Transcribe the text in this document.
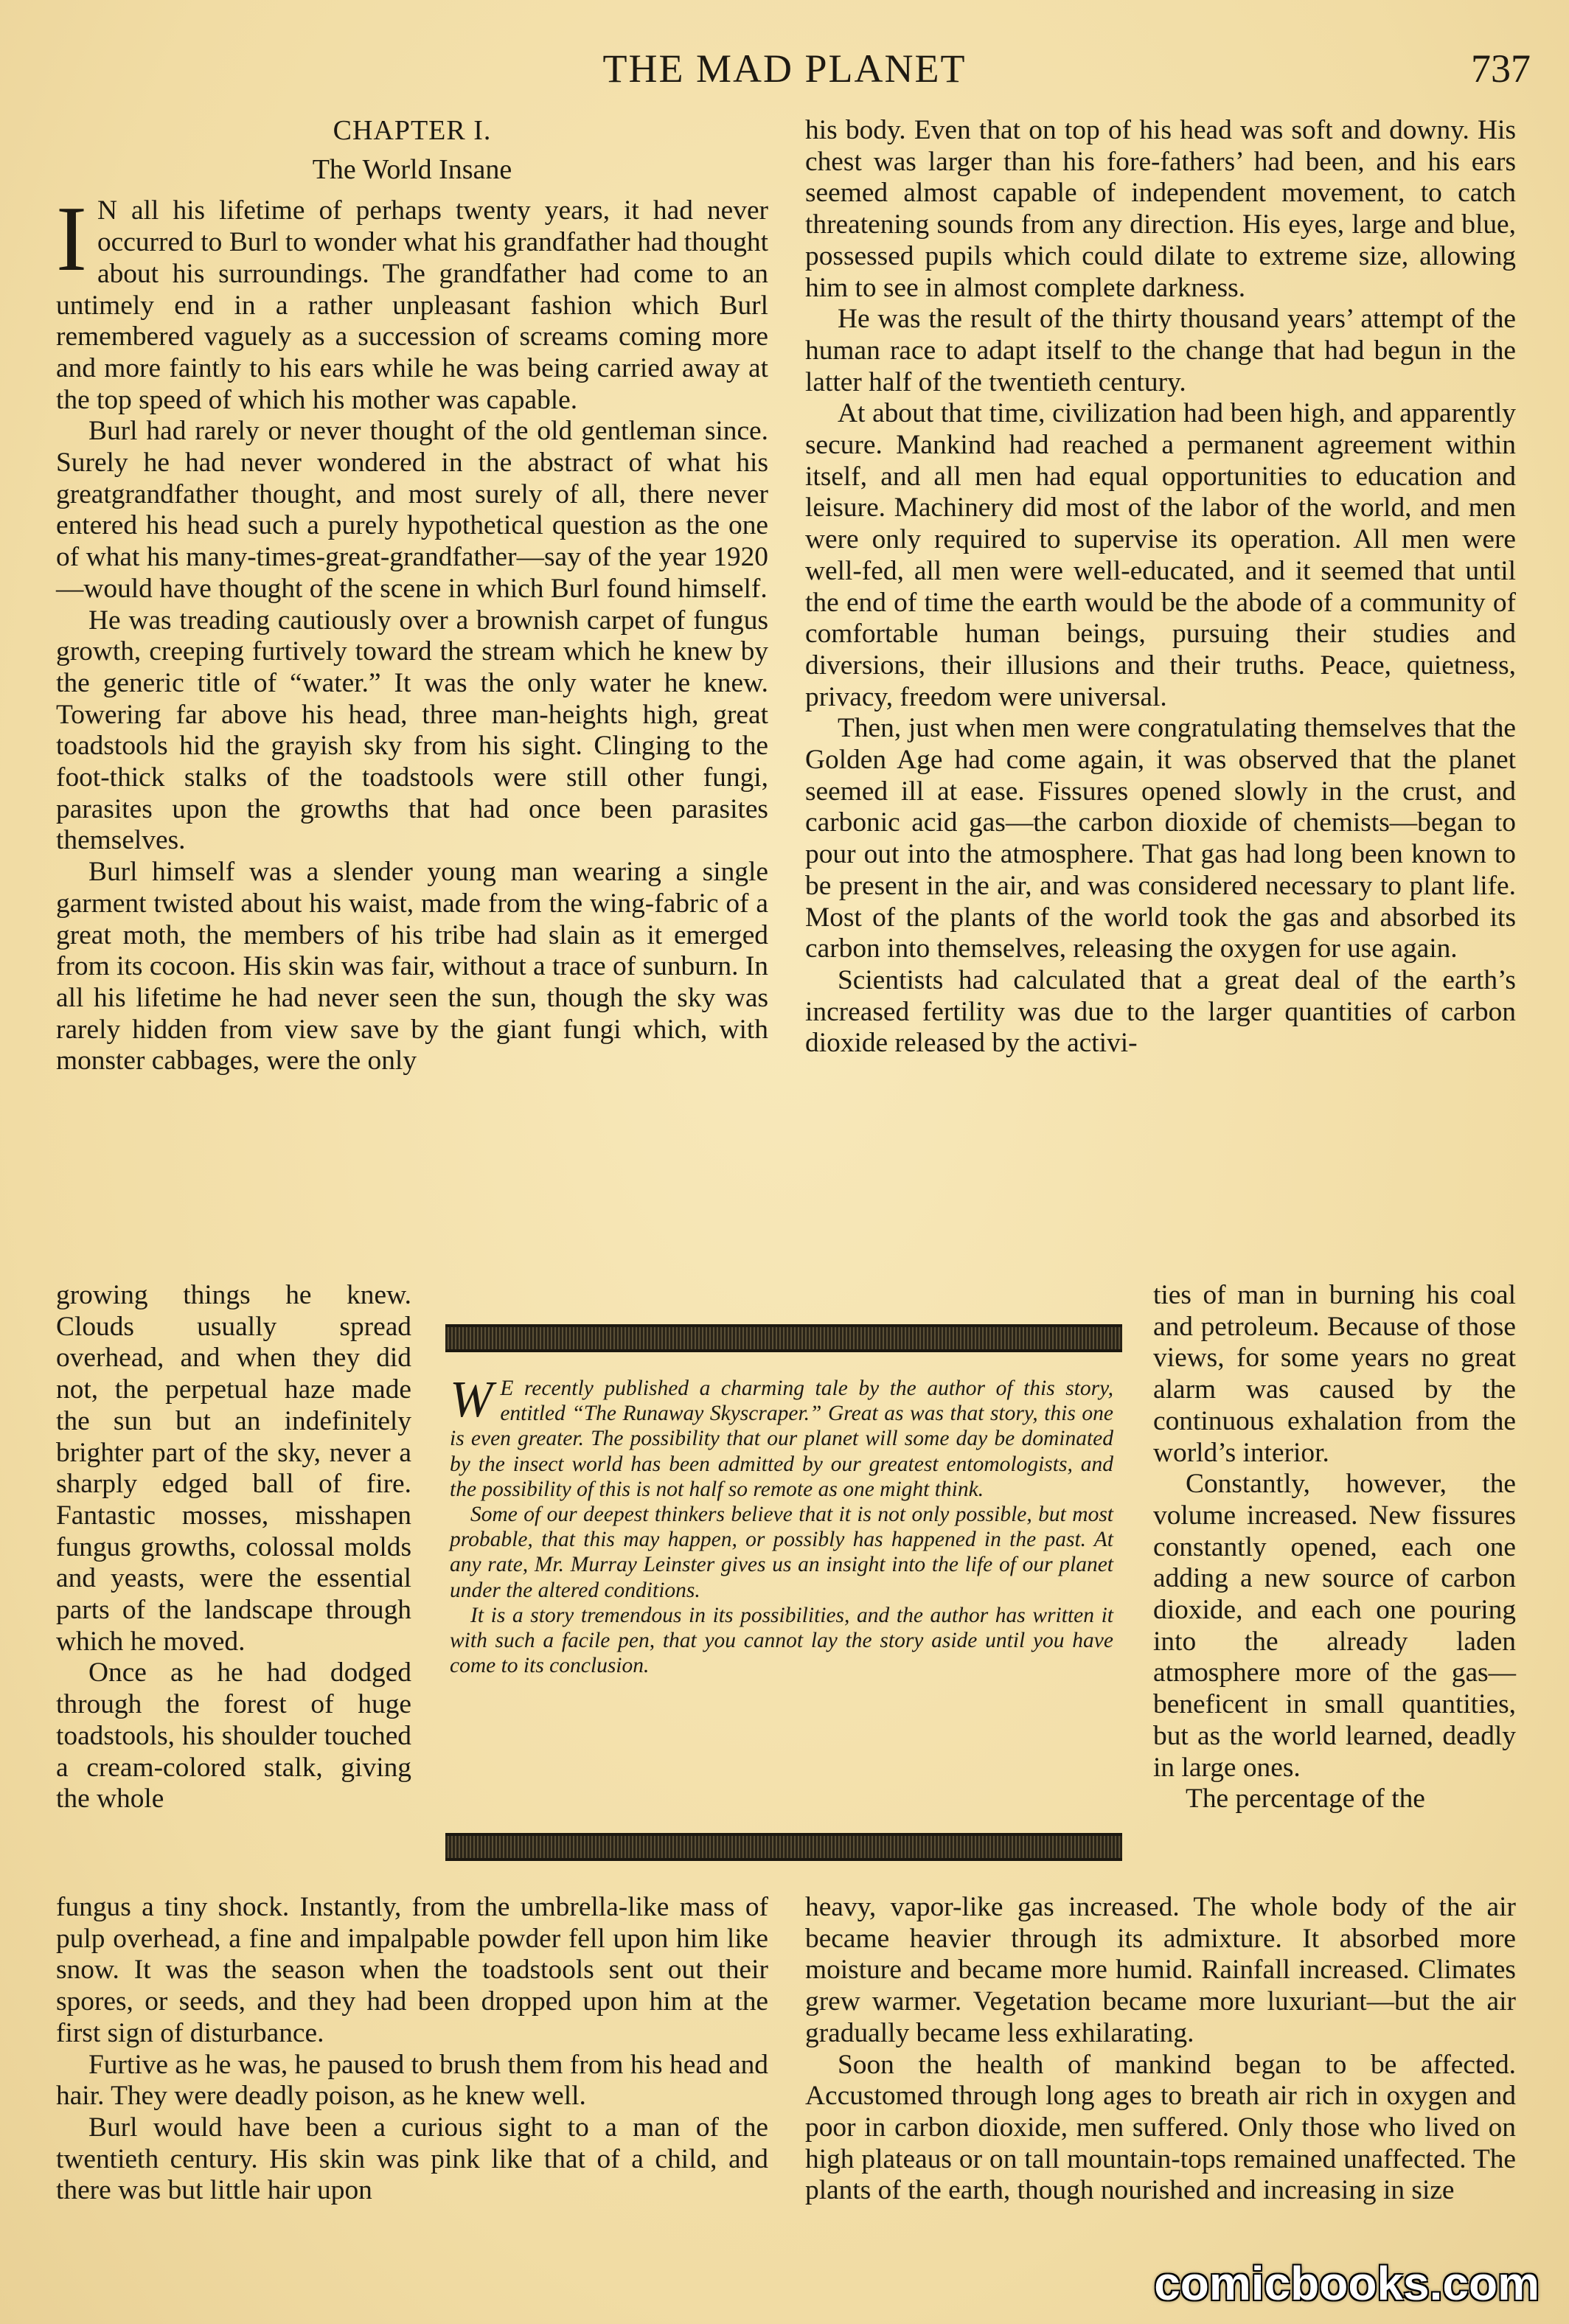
THE MAD PLANET	737
CHAPTER I.
The World Insane

I N all his lifetime of perhaps twenty years, it had never occurred to Burl to wonder what his grandfather had thought about his surroundings. The grandfather had come to an untimely end in a rather unpleasant fashion which Burl remembered vaguely as a succession of screams coming more and more faintly to his ears while he was being carried away at the top speed of which his mother was capable.

Burl had rarely or never thought of the old gentleman since. Surely he had never wondered in the abstract of what his greatgrandfather thought, and most surely of all, there never entered his head such a purely hypothetical question as the one of what his many-times-great-grandfather—say of the year 1920—would have thought of the scene in which Burl found himself.

He was treading cautiously over a brownish carpet of fungus growth, creeping furtively toward the stream which he knew by the generic title of “water.” It was the only water he knew. Towering far above his head, three man-heights high, great toadstools hid the grayish sky from his sight. Clinging to the foot-thick stalks of the toadstools were still other fungi, parasites upon the growths that had once been parasites themselves.

Burl himself was a slender young man wearing a single garment twisted about his waist, made from the wing-fabric of a great moth, the members of his tribe had slain as it emerged from its cocoon. His skin was fair, without a trace of sunburn. In all his lifetime he had never seen the sun, though the sky was rarely hidden from view save by the giant fungi which, with monster cabbages, were the only

his body. Even that on top of his head was soft and downy. His chest was larger than his fore-fathers’ had been, and his ears seemed almost capable of independent movement, to catch threatening sounds from any direction. His eyes, large and blue, possessed pupils which could dilate to extreme size, allowing him to see in almost complete darkness.

He was the result of the thirty thousand years’ attempt of the human race to adapt itself to the change that had begun in the latter half of the twentieth century.

At about that time, civilization had been high, and apparently secure. Mankind had reached a permanent agreement within itself, and all men had equal opportunities to education and leisure. Machinery did most of the labor of the world, and men were only required to supervise its operation. All men were well-fed, all men were well-educated, and it seemed that until the end of time the earth would be the abode of a community of comfortable human beings, pursuing their studies and diversions, their illusions and their truths. Peace, quietness, privacy, freedom were universal.

Then, just when men were congratulating themselves that the Golden Age had come again, it was observed that the planet seemed ill at ease. Fissures opened slowly in the crust, and carbonic acid gas—the carbon dioxide of chemists—began to pour out into the atmosphere. That gas had long been known to be present in the air, and was considered necessary to plant life. Most of the plants of the world took the gas and absorbed its carbon into themselves, releasing the oxygen for use again.

Scientists had calculated that a great deal of the earth’s increased fertility was due to the larger quantities of carbon dioxide released by the activi-

growing things he knew. Clouds usually spread overhead, and when they did not, the perpetual haze made the sun but an indefinitely brighter part of the sky, never a sharply edged ball of fire. Fantastic mosses, misshapen fungus growths, colossal molds and yeasts, were the essential parts of the landscape through which he moved.

Once as he had dodged through the forest of huge toadstools, his shoulder touched a cream-colored stalk, giving the whole

W E recently published a charming tale by the author of this story, entitled “The Runaway Skyscraper.” Great as was that story, this one is even greater. The possibility that our planet will some day be dominated by the insect world has been admitted by our greatest entomologists, and the possibility of this is not half so remote as one might think.

Some of our deepest thinkers believe that it is not only possible, but most probable, that this may happen, or possibly has happened in the past. At any rate, Mr. Murray Leinster gives us an insight into the life of our planet under the altered conditions.

It is a story tremendous in its possibilities, and the author has written it with such a facile pen, that you cannot lay the story aside until you have come to its conclusion.

ties of man in burning his coal and petroleum. Because of those views, for some years no great alarm was caused by the continuous exhalation from the world’s interior.

Constantly, however, the volume increased. New fissures constantly opened, each one adding a new source of carbon dioxide, and each one pouring into the already laden atmosphere more of the gas—beneficent in small quantities, but as the world learned, deadly in large ones.

The percentage of the

fungus a tiny shock. Instantly, from the umbrella-like mass of pulp overhead, a fine and impalpable powder fell upon him like snow. It was the season when the toadstools sent out their spores, or seeds, and they had been dropped upon him at the first sign of disturbance.

Furtive as he was, he paused to brush them from his head and hair. They were deadly poison, as he knew well.

Burl would have been a curious sight to a man of the twentieth century. His skin was pink like that of a child, and there was but little hair upon

heavy, vapor-like gas increased. The whole body of the air became heavier through its admixture. It absorbed more moisture and became more humid. Rainfall increased. Climates grew warmer. Vegetation became more luxuriant—but the air gradually became less exhilarating.

Soon the health of mankind began to be affected. Accustomed through long ages to breath air rich in oxygen and poor in carbon dioxide, men suffered. Only those who lived on high plateaus or on tall mountain-tops remained unaffected. The plants of the earth, though nourished and increasing in size

comicbooks.com
